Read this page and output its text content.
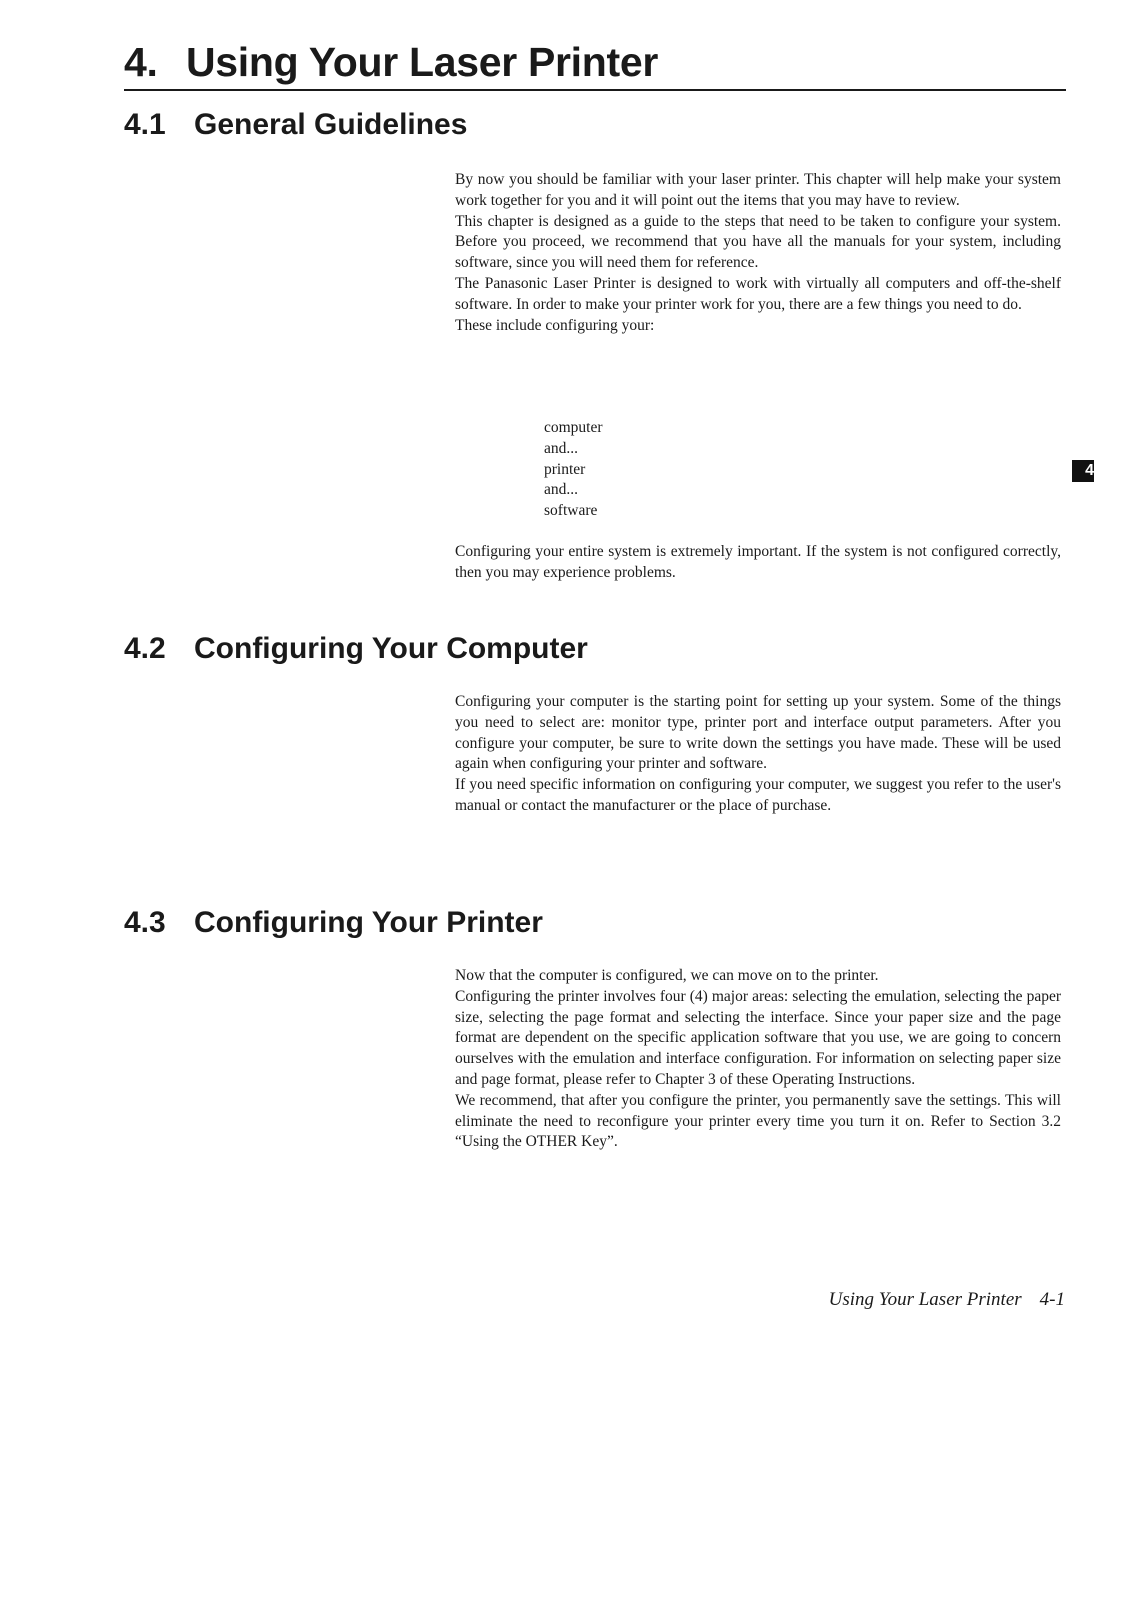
4. Using Your Laser Printer
4.1 General Guidelines

By now you should be familiar with your laser printer. This chapter will help make your system work together for you and it will point out the items that you may have to review.

This chapter is designed as a guide to the steps that need to be taken to configure your system. Before you proceed, we recommend that you have all the manuals for your system, including software, since you will need them for reference.

The Panasonic Laser Printer is designed to work with virtually all computers and off-the-shelf software. In order to make your printer work for you, there are a few things you need to do.

These include configuring your:

computer
and...
printer
and...
software

Configuring your entire system is extremely important. If the system is not configured correctly, then you may experience problems.

4
4.2 Configuring Your Computer

Configuring your computer is the starting point for setting up your system. Some of the things you need to select are: monitor type, printer port and interface output parameters. After you configure your computer, be sure to write down the settings you have made. These will be used again when configuring your printer and software.

If you need specific information on configuring your computer, we suggest you refer to the user's manual or contact the manufacturer or the place of purchase.

4.3 Configuring Your Printer

Now that the computer is configured, we can move on to the printer.

Configuring the printer involves four (4) major areas: selecting the emulation, selecting the paper size, selecting the page format and selecting the interface. Since your paper size and the page format are dependent on the specific application software that you use, we are going to concern ourselves with the emulation and interface configuration. For information on selecting paper size and page format, please refer to Chapter 3 of these Operating Instructions.

We recommend, that after you configure the printer, you permanently save the settings. This will eliminate the need to reconfigure your printer every time you turn it on. Refer to Section 3.2 “Using the OTHER Key”.

Using Your Laser Printer 4-1
